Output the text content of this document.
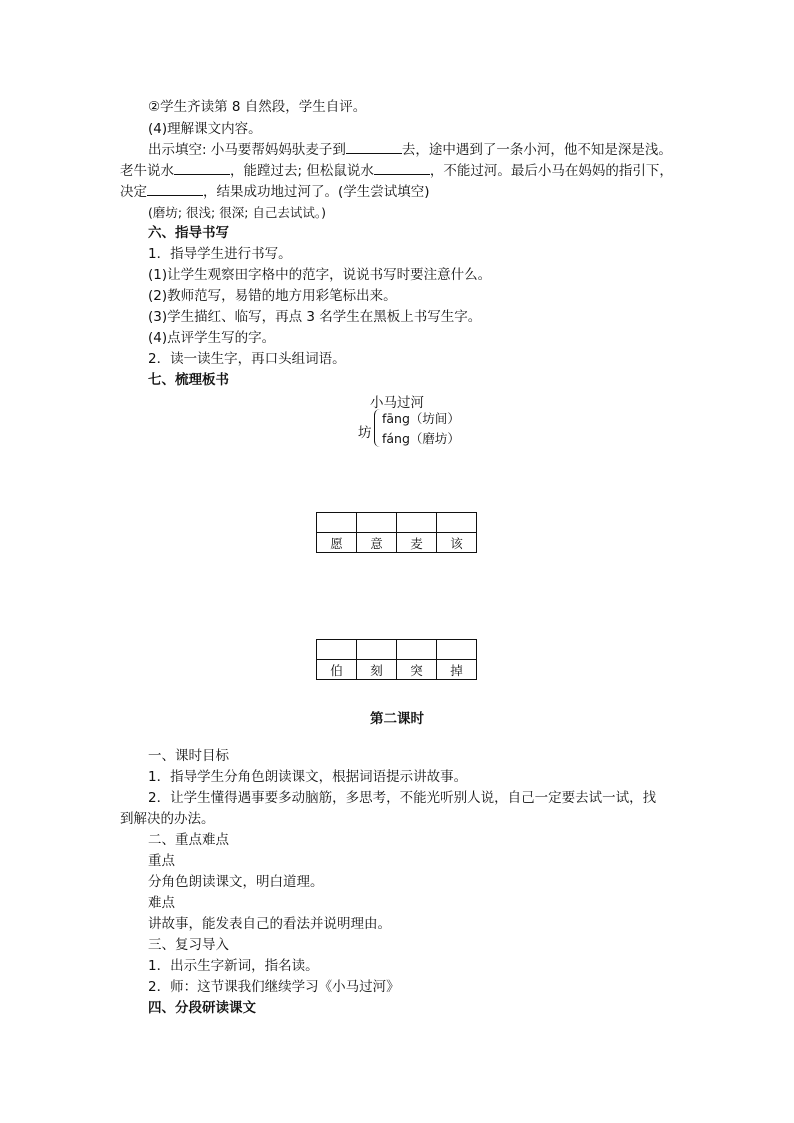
②学生齐读第 8 自然段，学生自评。
(4)理解课文内容。
出示填空: 小马要帮妈妈驮麦子到	去，途中遇到了一条小河，他不知是深是浅。
老牛说水	，能蹚过去; 但松鼠说水	，不能过河。最后小马在妈妈的指引下，
决定	，结果成功地过河了。(学生尝试填空)
(磨坊; 很浅; 很深; 自己去试试。)
六、指导书写
1．指导学生进行书写。
(1)让学生观察田字格中的范字，说说书写时要注意什么。
(2)教师范写，易错的地方用彩笔标出来。
(3)学生描红、临写，再点 3 名学生在黑板上书写生字。
(4)点评学生写的字。
2．读一读生字，再口头组词语。
七、梳理板书
小马过河
坊
fāng（坊间）
fáng（磨坊）

愿	意	麦	该

伯	刻	突	掉
第二课时
一、课时目标
1．指导学生分角色朗读课文，根据词语提示讲故事。
2．让学生懂得遇事要多动脑筋，多思考，不能光听别人说，自己一定要去试一试，找
到解决的办法。
二、重点难点
重点
分角色朗读课文，明白道理。
难点
讲故事，能发表自己的看法并说明理由。
三、复习导入
1．出示生字新词，指名读。
2．师：这节课我们继续学习《小马过河》
四、分段研读课文
